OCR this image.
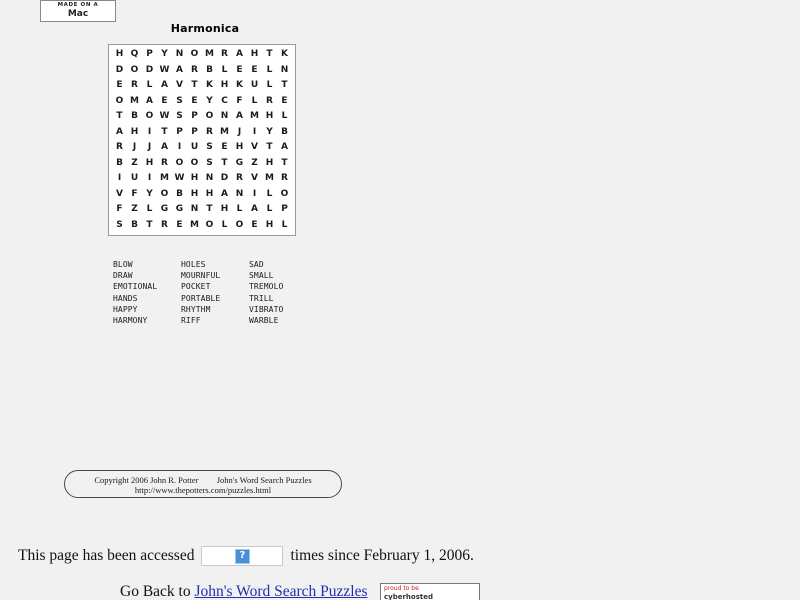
Harmonica
H	Q	P	Y	N	O	M	R	A	H	T	K
D	O	D	W	A	R	B	L	E	E	L	N
E	R	L	A	V	T	K	H	K	U	L	T
O	M	A	E	S	E	Y	C	F	L	R	E
T	B	O	W	S	P	O	N	A	M	H	L
A	H	I	T	P	P	R	M	J	I	Y	B
R	J	J	A	I	U	S	E	H	V	T	A
B	Z	H	R	O	O	S	T	G	Z	H	T
I	U	I	M	W	H	N	D	R	V	M	R
V	F	Y	O	B	H	H	A	N	I	L	O
F	Z	L	G	G	N	T	H	L	A	L	P
S	B	T	R	E	M	O	L	O	E	H	L
BLOW
DRAW
EMOTIONAL
HANDS
HAPPY
HARMONY
HOLES
MOURNFUL
POCKET
PORTABLE
RHYTHM
RIFF
SAD
SMALL
TREMOLO
TRILL
VIBRATO
WARBLE
Copyright 2006 John R. Potter John's Word Search Puzzles
http://www.thepotters.com/puzzles.html
This page has been accessed ?	times since February 1, 2006.
MADE ON A
Mac
Go Back to John's Word Search Puzzles	proud to be
cyberhosted
